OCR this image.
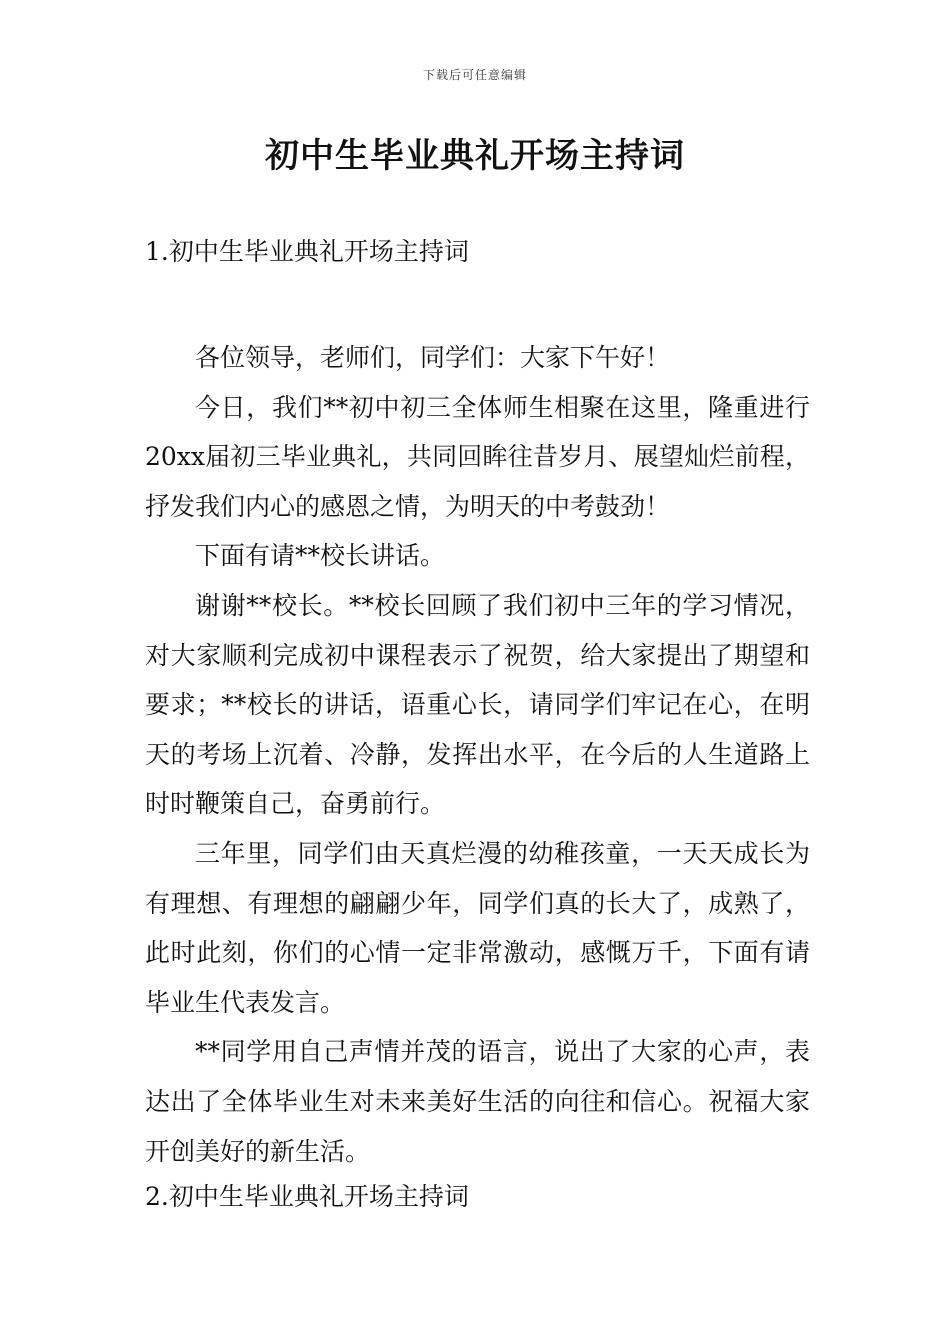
下载后可任意编辑
初中生毕业典礼开场主持词
1.初中生毕业典礼开场主持词

各位领导，老师们，同学们：大家下午好！

今日，我们**初中初三全体师生相聚在这里，隆重进行20xx届初三毕业典礼，共同回眸往昔岁月、展望灿烂前程，抒发我们内心的感恩之情，为明天的中考鼓劲！

下面有请**校长讲话。

谢谢**校长。**校长回顾了我们初中三年的学习情况，对大家顺利完成初中课程表示了祝贺，给大家提出了期望和要求；**校长的讲话，语重心长，请同学们牢记在心，在明天的考场上沉着、冷静，发挥出水平，在今后的人生道路上时时鞭策自己，奋勇前行。

三年里，同学们由天真烂漫的幼稚孩童，一天天成长为有理想、有理想的翩翩少年，同学们真的长大了，成熟了，此时此刻，你们的心情一定非常激动，感慨万千，下面有请毕业生代表发言。

**同学用自己声情并茂的语言，说出了大家的心声，表达出了全体毕业生对未来美好生活的向往和信心。祝福大家开创美好的新生活。

2.初中生毕业典礼开场主持词
